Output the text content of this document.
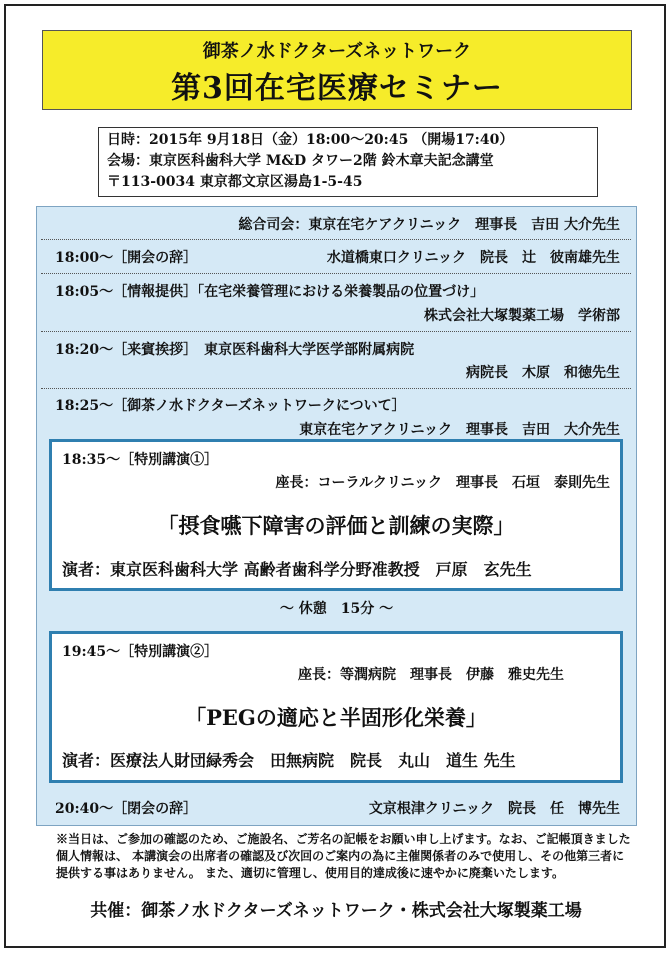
御茶ノ水ドクターズネットワーク
第3回在宅医療セミナー
日時：2015年 9月18日（金）18:00～20:45 （開場17:40）
会場：東京医科歯科大学 M&D タワー2階 鈴木章夫記念講堂
〒113-0034 東京都文京区湯島1-5-45
総合司会：東京在宅ケアクリニック　理事長　吉田 大介先生
18:00～［開会の辞］	水道橋東口クリニック　院長　辻　彼南雄先生
18:05～［情報提供］「在宅栄養管理における栄養製品の位置づけ」
株式会社大塚製薬工場　学術部
18:20～［来賓挨拶］　東京医科歯科大学医学部附属病院
病院長　木原　和徳先生
18:25～［御茶ノ水ドクターズネットワークについて］
東京在宅ケアクリニック　理事長　吉田　大介先生
18:35～［特別講演①］
座長：コーラルクリニック　理事長　石垣　泰則先生
「摂食嚥下障害の評価と訓練の実際」
演者：東京医科歯科大学 高齢者歯科学分野准教授　戸原　玄先生
～ 休憩　15分 ～
19:45～［特別講演②］
座長：等潤病院　理事長　伊藤　雅史先生
「PEGの適応と半固形化栄養」
演者：医療法人財団緑秀会　田無病院　院長　丸山　道生 先生
20:40～［閉会の辞］	文京根津クリニック　院長　任　博先生
※当日は、ご参加の確認のため、ご施設名、ご芳名の記帳をお願い申し上げます。なお、ご記帳頂きました個人情報は、 本講演会の出席者の確認及び次回のご案内の為に主催関係者のみで使用し、その他第三者に提供する事はありません。 また、適切に管理し、使用目的達成後に速やかに廃棄いたします。
共催：御茶ノ水ドクターズネットワーク・株式会社大塚製薬工場
